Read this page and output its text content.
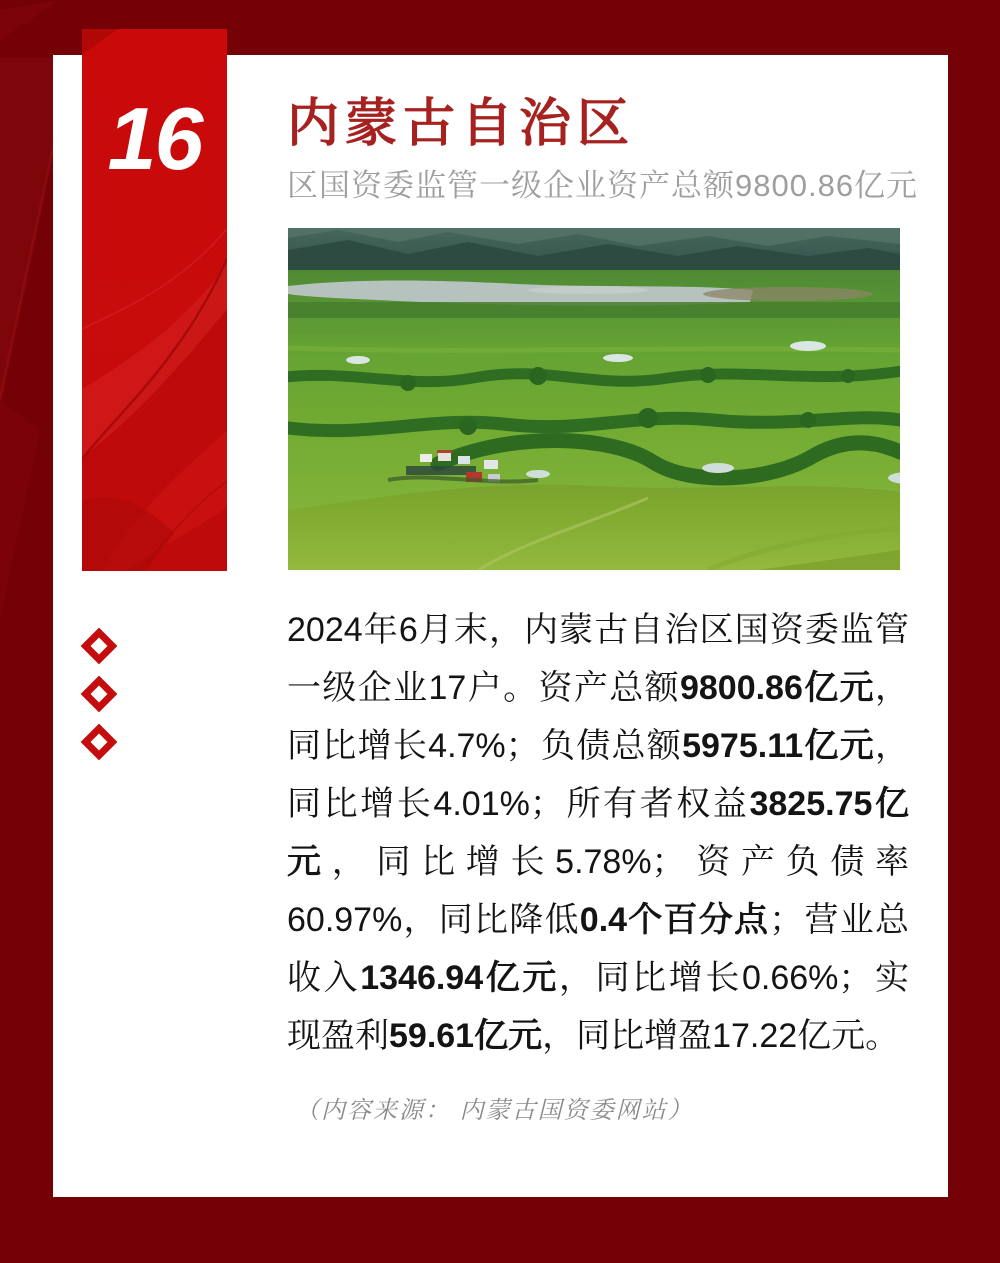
16	内蒙古自治区
区国资委监管一级企业资产总额9800.86亿元
2024年6月末，内蒙古自治区国资委监管一级企业17户。资产总额9800.86亿元，同比增长4.7%；负债总额5975.11亿元，同比增长4.01%；所有者权益3825.75亿元，同比增长5.78%；资产负债率60.97%，同比降低0.4个百分点；营业总收入1346.94亿元，同比增长0.66%；实现盈利59.61亿元，同比增盈17.22亿元。
（内容来源： 内蒙古国资委网站）
